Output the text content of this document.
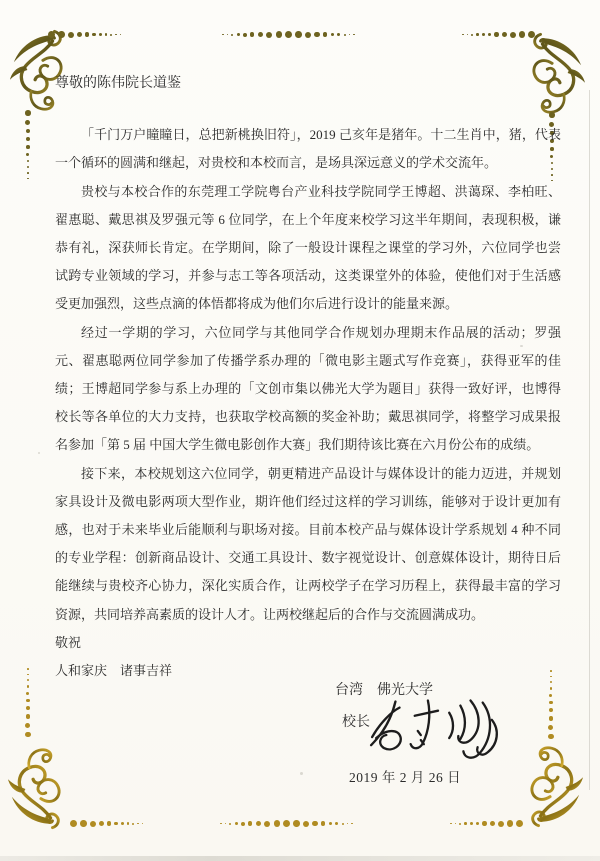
尊敬的陈伟院长道鉴

「千门万户瞳瞳日，总把新桃换旧符」，2019 己亥年是猪年。十二生肖中，猪，代表一个循环的圆满和继起，对贵校和本校而言，是场具深远意义的学术交流年。

贵校与本校合作的东莞理工学院粤台产业科技学院同学王博超、洪蔼琛、李柏旺、翟惠聪、戴思祺及罗强元等 6 位同学，在上个年度来校学习这半年期间，表现积极，谦恭有礼，深获师长肯定。在学期间，除了一般设计课程之课堂的学习外，六位同学也尝试跨专业领域的学习，并参与志工等各项活动，这类课堂外的体验，使他们对于生活感受更加强烈，这些点滴的体悟都将成为他们尔后进行设计的能量来源。

经过一学期的学习，六位同学与其他同学合作规划办理期末作品展的活动；罗强元、翟惠聪两位同学参加了传播学系办理的「微电影主题式写作竞赛」，获得亚军的佳绩；王博超同学参与系上办理的「文创市集以佛光大学为题目」获得一致好评，也博得校长等各单位的大力支持，也获取学校高额的奖金补助；戴思祺同学，将整学习成果报名参加「第 5 届 中国大学生微电影创作大赛」我们期待该比赛在六月份公布的成绩。

接下来，本校规划这六位同学，朝更精进产品设计与媒体设计的能力迈进，并规划家具设计及微电影两项大型作业，期许他们经过这样的学习训练，能够对于设计更加有感，也对于未来毕业后能顺利与职场对接。目前本校产品与媒体设计学系规划 4 种不同的专业学程：创新商品设计、交通工具设计、数字视觉设计、创意媒体设计，期待日后能继续与贵校齐心协力，深化实质合作，让两校学子在学习历程上，获得最丰富的学习资源，共同培养高素质的设计人才。让两校继起后的合作与交流圆满成功。

敬祝

人和家庆　诸事吉祥

台湾　佛光大学
校长
2019 年 2 月 26 日
